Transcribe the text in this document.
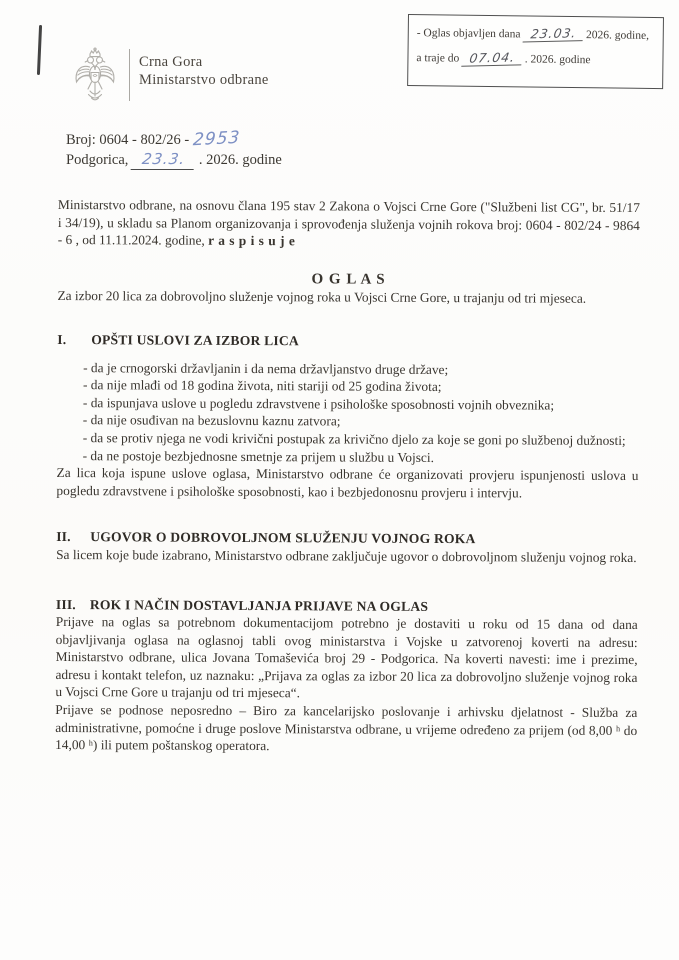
Crna Gora
Ministarstvo odbrane
- Oglas objavljen dana 23.03. 2026. godine,
a traje do 07.04. . 2026. godine
Broj: 0604 - 802/26 - 2953
Podgorica, 23.3. . 2026. godine

Ministarstvo odbrane, na osnovu člana 195 stav 2 Zakona o Vojsci Crne Gore ("Službeni list CG", br. 51/17 i 34/19), u skladu sa Planom organizovanja i sprovođenja služenja vojnih rokova broj: 0604 - 802/24 - 9864 - 6 , od 11.11.2024. godine, r a s p i s u j e

O G L A S

Za izbor 20 lica za dobrovoljno služenje vojnog roka u Vojsci Crne Gore, u trajanju od tri mjeseca.

I.	OPŠTI USLOVI ZA IZBOR LICA
- da je crnogorski državljanin i da nema državljanstvo druge države;
- da nije mlađi od 18 godina života, niti stariji od 25 godina života;
- da ispunjava uslove u pogledu zdravstvene i psihološke sposobnosti vojnih obveznika;
- da nije osuđivan na bezuslovnu kaznu zatvora;
- da se protiv njega ne vodi krivični postupak za krivično djelo za koje se goni po službenoj dužnosti;
- da ne postoje bezbjednosne smetnje za prijem u službu u Vojsci.

Za lica koja ispune uslove oglasa, Ministarstvo odbrane će organizovati provjeru ispunjenosti uslova u pogledu zdravstvene i psihološke sposobnosti, kao i bezbjedonosnu provjeru i intervju.

II.	UGOVOR O DOBROVOLJNOM SLUŽENJU VOJNOG ROKA

Sa licem koje bude izabrano, Ministarstvo odbrane zaključuje ugovor o dobrovoljnom služenju vojnog roka.

III.	ROK I NAČIN DOSTAVLJANJA PRIJAVE NA OGLAS

Prijave na oglas sa potrebnom dokumentacijom potrebno je dostaviti u roku od 15 dana od dana objavljivanja oglasa na oglasnoj tabli ovog ministarstva i Vojske u zatvorenoj koverti na adresu: Ministarstvo odbrane, ulica Jovana Tomaševića broj 29 - Podgorica. Na koverti navesti: ime i prezime, adresu i kontakt telefon, uz naznaku: „Prijava za oglas za izbor 20 lica za dobrovoljno služenje vojnog roka u Vojsci Crne Gore u trajanju od tri mjeseca“.

Prijave se podnose neposredno – Biro za kancelarijsko poslovanje i arhivsku djelatnost - Služba za administrativne, pomoćne i druge poslove Ministarstva odbrane, u vrijeme određeno za prijem (od 8,00 ʰ do 14,00 ʰ) ili putem poštanskog operatora.
